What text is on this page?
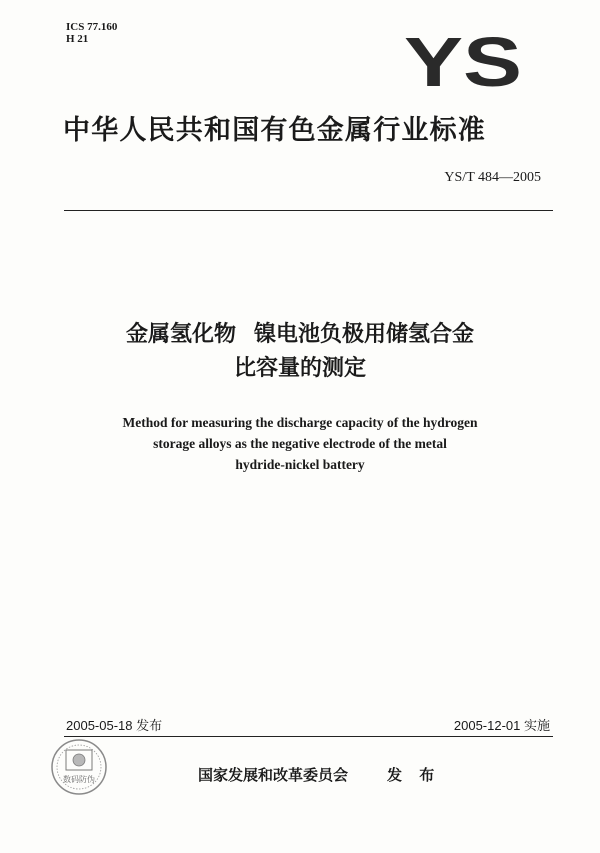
ICS 77.160
H 21	YS
中华人民共和国有色金属行业标准
YS/T 484—2005
金属氢化物 镍电池负极用储氢合金
比容量的测定
Method for measuring the discharge capacity of the hydrogen
storage alloys as the negative electrode of the metal
hydride-nickel battery
2005-05-18 发布	2005-12-01 实施
数码防伪	国家发展和改革委员会	发 布
